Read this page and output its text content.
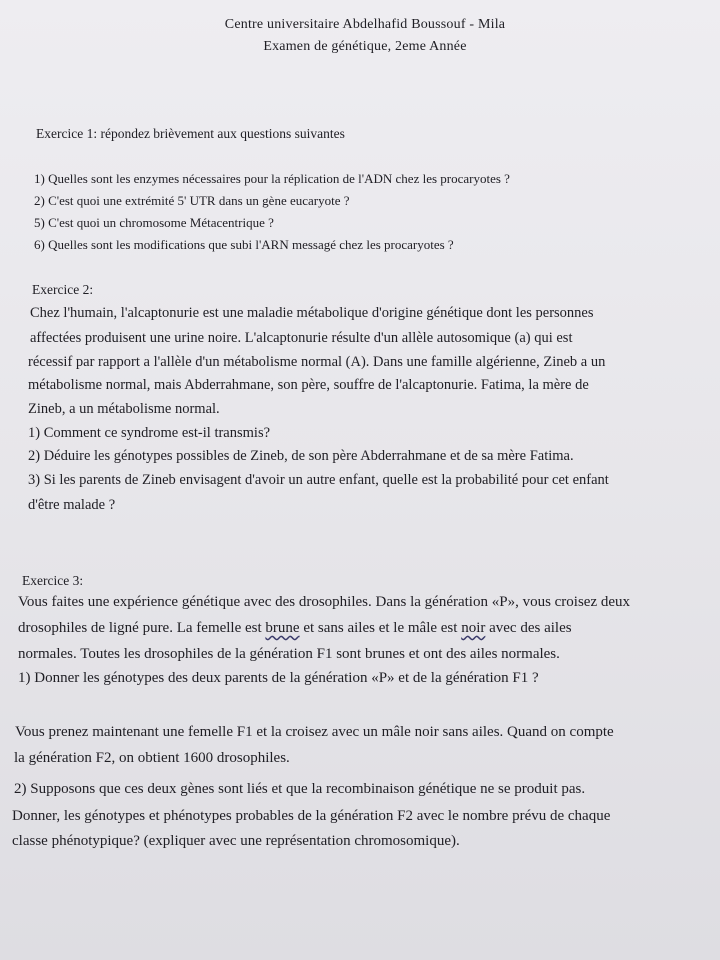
Centre universitaire Abdelhafid Boussouf - Mila
Examen de génétique, 2eme Année
Exercice 1: répondez brièvement aux questions suivantes
1) Quelles sont les enzymes nécessaires pour la réplication de l'ADN chez les procaryotes ?
2) C'est quoi une extrémité 5' UTR dans un gène eucaryote ?
5) C'est quoi un chromosome Métacentrique ?
6) Quelles sont les modifications que subi l'ARN messagé chez les procaryotes ?
Exercice 2:
Chez l'humain, l'alcaptonurie est une maladie métabolique d'origine génétique dont les personnes
affectées produisent une urine noire. L'alcaptonurie résulte d'un allèle autosomique (a) qui est
récessif par rapport a l'allèle d'un métabolisme normal (A). Dans une famille algérienne, Zineb a un
métabolisme normal, mais Abderrahmane, son père, souffre de l'alcaptonurie. Fatima, la mère de
Zineb, a un métabolisme normal.
1) Comment ce syndrome est-il transmis?
2) Déduire les génotypes possibles de Zineb, de son père Abderrahmane et de sa mère Fatima.
3) Si les parents de Zineb envisagent d'avoir un autre enfant, quelle est la probabilité pour cet enfant
d'être malade ?
Exercice 3:
Vous faites une expérience génétique avec des drosophiles. Dans la génération «P», vous croisez deux
drosophiles de ligné pure. La femelle est brune et sans ailes et le mâle est noir avec des ailes
normales. Toutes les drosophiles de la génération F1 sont brunes et ont des ailes normales.
1) Donner les génotypes des deux parents de la génération «P» et de la génération F1 ?
Vous prenez maintenant une femelle F1 et la croisez avec un mâle noir sans ailes. Quand on compte
la génération F2, on obtient 1600 drosophiles.
2) Supposons que ces deux gènes sont liés et que la recombinaison génétique ne se produit pas.
Donner, les génotypes et phénotypes probables de la génération F2 avec le nombre prévu de chaque
classe phénotypique? (expliquer avec une représentation chromosomique).
